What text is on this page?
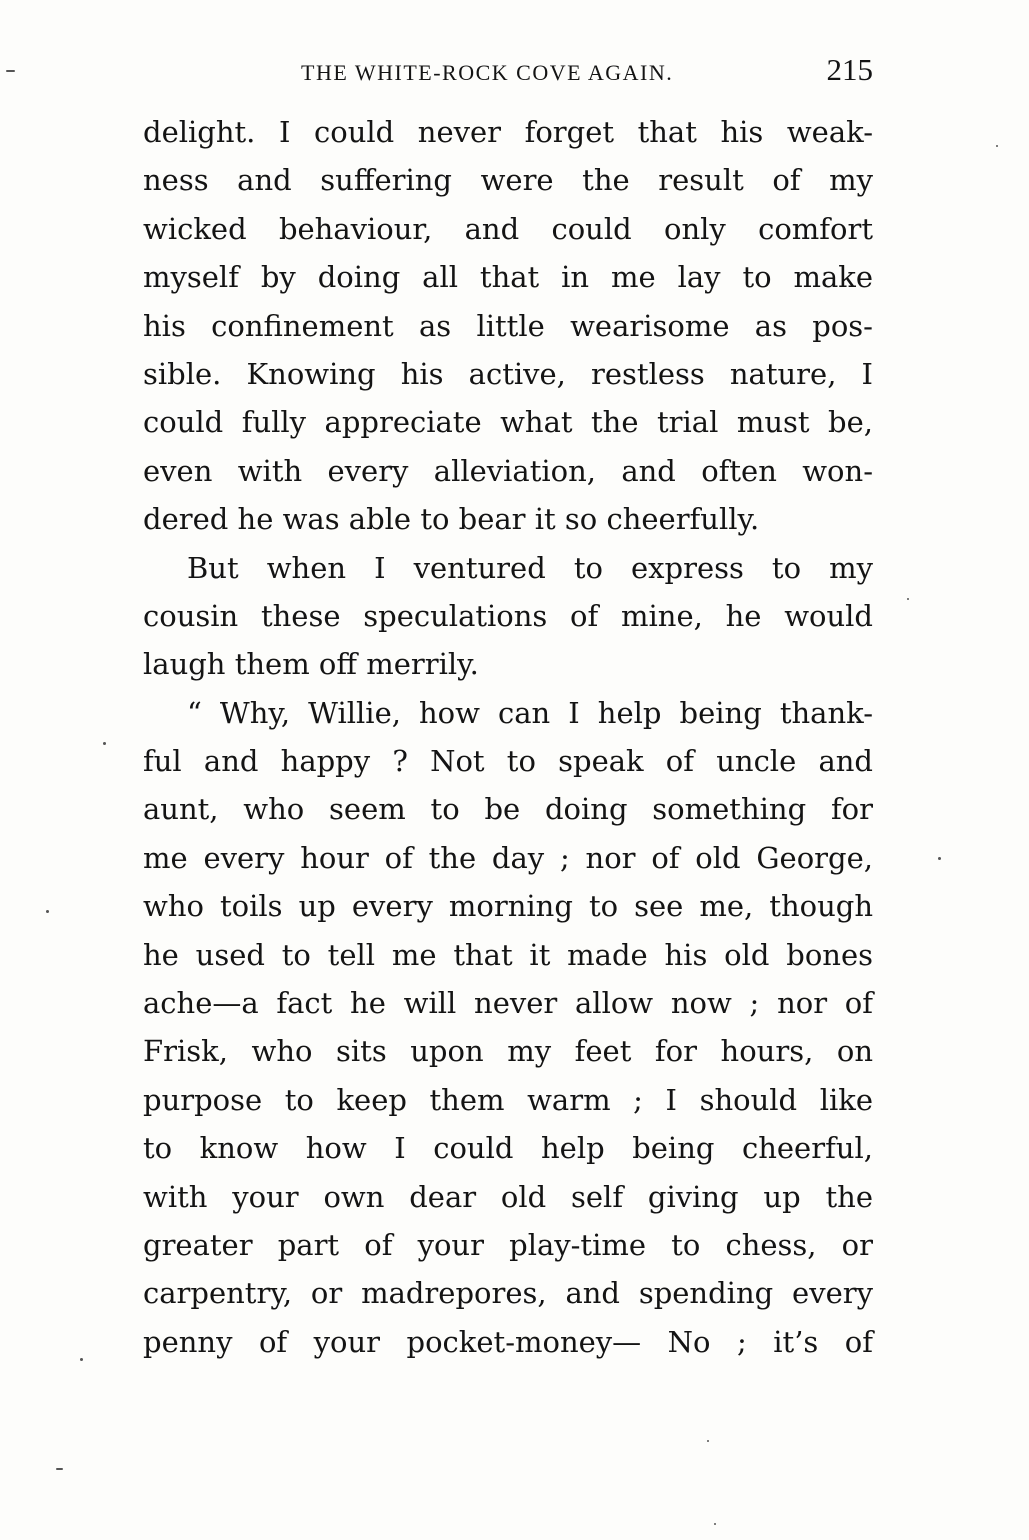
THE WHITE-ROCK COVE AGAIN.	215
delight. I could never forget that his weak-
ness and suffering were the result of my
wicked behaviour, and could only comfort
myself by doing all that in me lay to make
his confinement as little wearisome as pos-
sible. Knowing his active, restless nature, I
could fully appreciate what the trial must be,
even with every alleviation, and often won-
dered he was able to bear it so cheerfully.
But when I ventured to express to my
cousin these speculations of mine, he would
laugh them off merrily.
“ Why, Willie, how can I help being thank-
ful and happy ? Not to speak of uncle and
aunt, who seem to be doing something for
me every hour of the day ; nor of old George,
who toils up every morning to see me, though
he used to tell me that it made his old bones
ache—a fact he will never allow now ; nor of
Frisk, who sits upon my feet for hours, on
purpose to keep them warm ; I should like
to know how I could help being cheerful,
with your own dear old self giving up the
greater part of your play-time to chess, or
carpentry, or madrepores, and spending every
penny of your pocket-money— No ; it’s of
